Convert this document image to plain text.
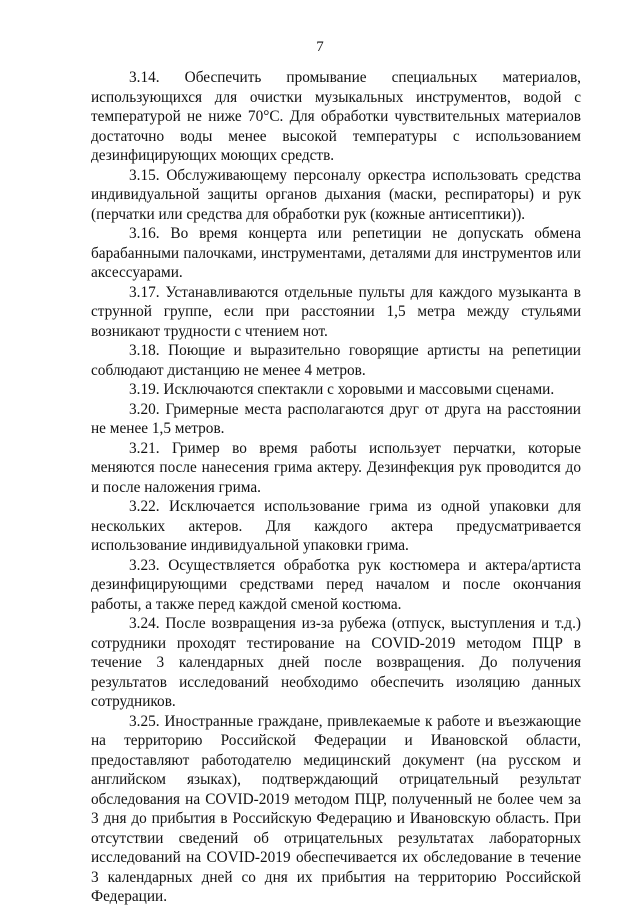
7

3.14. Обеспечить промывание специальных материалов, использующихся для очистки музыкальных инструментов, водой с температурой не ниже 70°С. Для обработки чувствительных материалов достаточно воды менее высокой температуры с использованием дезинфицирующих моющих средств.

3.15. Обслуживающему персоналу оркестра использовать средства индивидуальной защиты органов дыхания (маски, респираторы) и рук (перчатки или средства для обработки рук (кожные антисептики)).

3.16. Во время концерта или репетиции не допускать обмена барабанными палочками, инструментами, деталями для инструментов или аксессуарами.

3.17. Устанавливаются отдельные пульты для каждого музыканта в струнной группе, если при расстоянии 1,5 метра между стульями возникают трудности с чтением нот.

3.18. Поющие и выразительно говорящие артисты на репетиции соблюдают дистанцию не менее 4 метров.

3.19. Исключаются спектакли с хоровыми и массовыми сценами.

3.20. Гримерные места располагаются друг от друга на расстоянии не менее 1,5 метров.

3.21. Гример во время работы использует перчатки, которые меняются после нанесения грима актеру. Дезинфекция рук проводится до и после наложения грима.

3.22. Исключается использование грима из одной упаковки для нескольких актеров. Для каждого актера предусматривается использование индивидуальной упаковки грима.

3.23. Осуществляется обработка рук костюмера и актера/артиста дезинфицирующими средствами перед началом и после окончания работы, а также перед каждой сменой костюма.

3.24. После возвращения из-за рубежа (отпуск, выступления и т.д.) сотрудники проходят тестирование на COVID-2019 методом ПЦР в течение 3 календарных дней после возвращения. До получения результатов исследований необходимо обеспечить изоляцию данных сотрудников.

3.25. Иностранные граждане, привлекаемые к работе и въезжающие на территорию Российской Федерации и Ивановской области, предоставляют работодателю медицинский документ (на русском и английском языках), подтверждающий отрицательный результат обследования на COVID-2019 методом ПЦР, полученный не более чем за 3 дня до прибытия в Российскую Федерацию и Ивановскую область. При отсутствии сведений об отрицательных результатах лабораторных исследований на COVID-2019 обеспечивается их обследование в течение 3 календарных дней со дня их прибытия на территорию Российской Федерации.
